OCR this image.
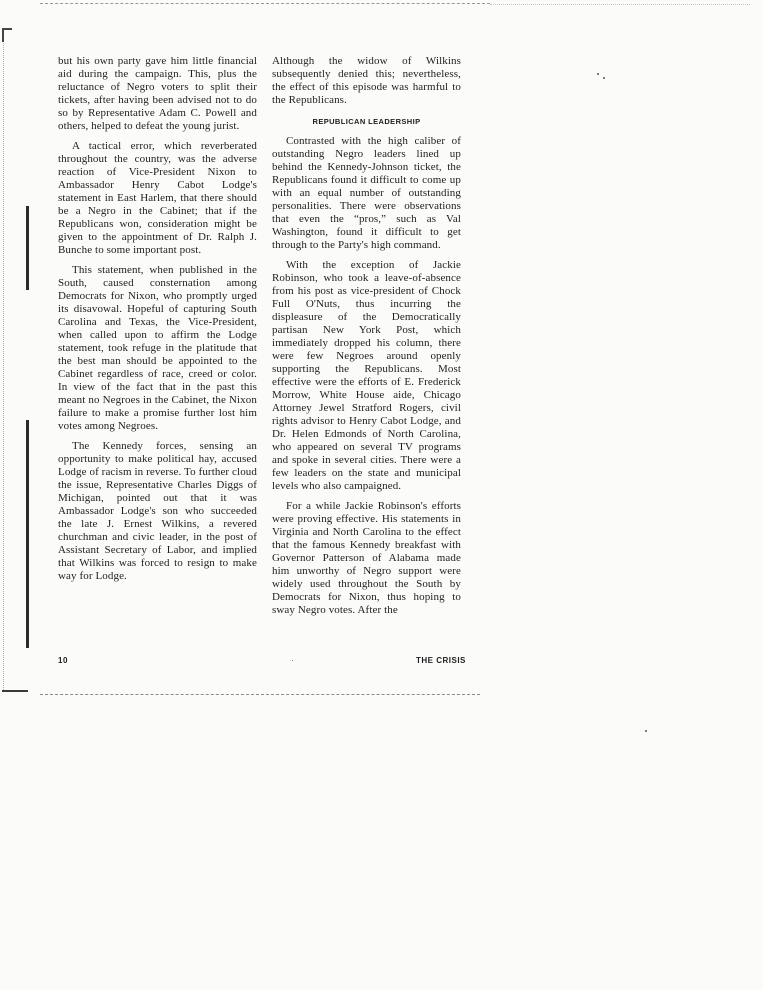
but his own party gave him little financial aid during the campaign. This, plus the reluctance of Negro voters to split their tickets, after having been advised not to do so by Representative Adam C. Powell and others, helped to defeat the young jurist.

A tactical error, which reverberated throughout the country, was the adverse reaction of Vice-President Nixon to Ambassador Henry Cabot Lodge's statement in East Harlem, that there should be a Negro in the Cabinet; that if the Republicans won, consideration might be given to the appointment of Dr. Ralph J. Bunche to some important post.

This statement, when published in the South, caused consternation among Democrats for Nixon, who promptly urged its disavowal. Hopeful of capturing South Carolina and Texas, the Vice-President, when called upon to affirm the Lodge statement, took refuge in the platitude that the best man should be appointed to the Cabinet regardless of race, creed or color. In view of the fact that in the past this meant no Negroes in the Cabinet, the Nixon failure to make a promise further lost him votes among Negroes.

The Kennedy forces, sensing an opportunity to make political hay, accused Lodge of racism in reverse. To further cloud the issue, Representative Charles Diggs of Michigan, pointed out that it was Ambassador Lodge's son who succeeded the late J. Ernest Wilkins, a revered churchman and civic leader, in the post of Assistant Secretary of Labor, and implied that Wilkins was forced to resign to make way for Lodge.

Although the widow of Wilkins subsequently denied this; nevertheless, the effect of this episode was harmful to the Republicans.

REPUBLICAN LEADERSHIP

Contrasted with the high caliber of outstanding Negro leaders lined up behind the Kennedy-Johnson ticket, the Republicans found it difficult to come up with an equal number of outstanding personalities. There were observations that even the “pros,” such as Val Washington, found it difficult to get through to the Party's high command.

With the exception of Jackie Robinson, who took a leave-of-absence from his post as vice-president of Chock Full O'Nuts, thus incurring the displeasure of the Democratically partisan New York Post, which immediately dropped his column, there were few Negroes around openly supporting the Republicans. Most effective were the efforts of E. Frederick Morrow, White House aide, Chicago Attorney Jewel Stratford Rogers, civil rights advisor to Henry Cabot Lodge, and Dr. Helen Edmonds of North Carolina, who appeared on several TV programs and spoke in several cities. There were a few leaders on the state and municipal levels who also campaigned.

For a while Jackie Robinson's efforts were proving effective. His statements in Virginia and North Carolina to the effect that the famous Kennedy breakfast with Governor Patterson of Alabama made him unworthy of Negro support were widely used throughout the South by Democrats for Nixon, thus hoping to sway Negro votes. After the

10	THE CRISIS
